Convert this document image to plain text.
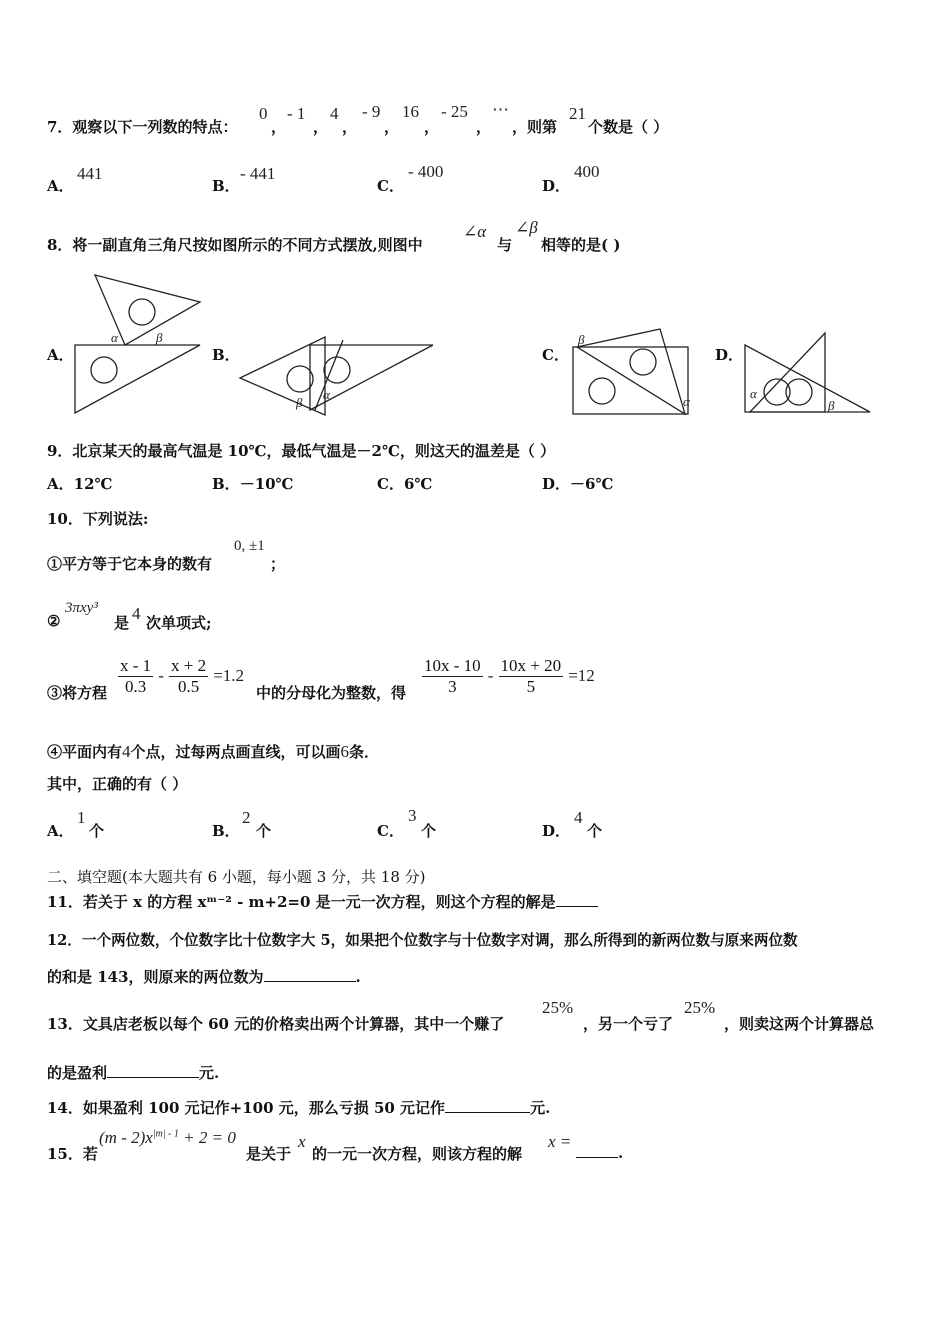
7．观察以下一列数的特点：
0
，
- 1
，
4
，
- 9
，
16
，
- 25
，
⋯
，则第
21
个数是（ ）
A．
441
B．
- 441
C．
- 400
D．
400
8．将一副直角三角尺按如图所示的不同方式摆放,则图中
∠α
与
∠β
相等的是( )
A．	B．	C．	D．
α	β
β
α
β
α
α
β
9．北京某天的最高气温是 10℃，最低气温是－2℃，则这天的温差是（ ）
A．12℃	B．－10℃	C．6℃	D．－6℃
10．下列说法:
①平方等于它本身的数有
0, ±1
；
②
3πxy³
是 4 次单项式;
③将方程 $\frac{x - 1}{0.3} - \frac{x + 2}{0.5} =1.2$
中的分母化为整数，得 $\frac{10x - 10}{3} - \frac{10x + 20}{5} =12$
④平面内有4个点，过每两点画直线，可以画6条．
其中，正确的有（ ）
A．
1
个	B．
2
个	C．
3
个	D．
4
个
二、填空题(本大题共有 6 小题，每小题 3 分，共 18 分)
11．若关于 x 的方程 xᵐ⁻² - m+2=0 是一元一次方程，则这个方程的解是
12．一个两位数，个位数字比十位数字大 5，如果把个位数字与十位数字对调，那么所得到的新两位数与原来两位数
的和是 143，则原来的两位数为	.
13．文具店老板以每个 60 元的价格卖出两个计算器，其中一个赚了
25%
，另一个亏了
25%
，则卖这两个计算器总
的是盈利	元.
14．如果盈利 100 元记作+100 元，那么亏损 50 元记作	元.
15．若
$(m - 2)x^{|m| - 1} + 2 = 0$
是关于
x
的一元一次方程，则该方程的解
x =
.
